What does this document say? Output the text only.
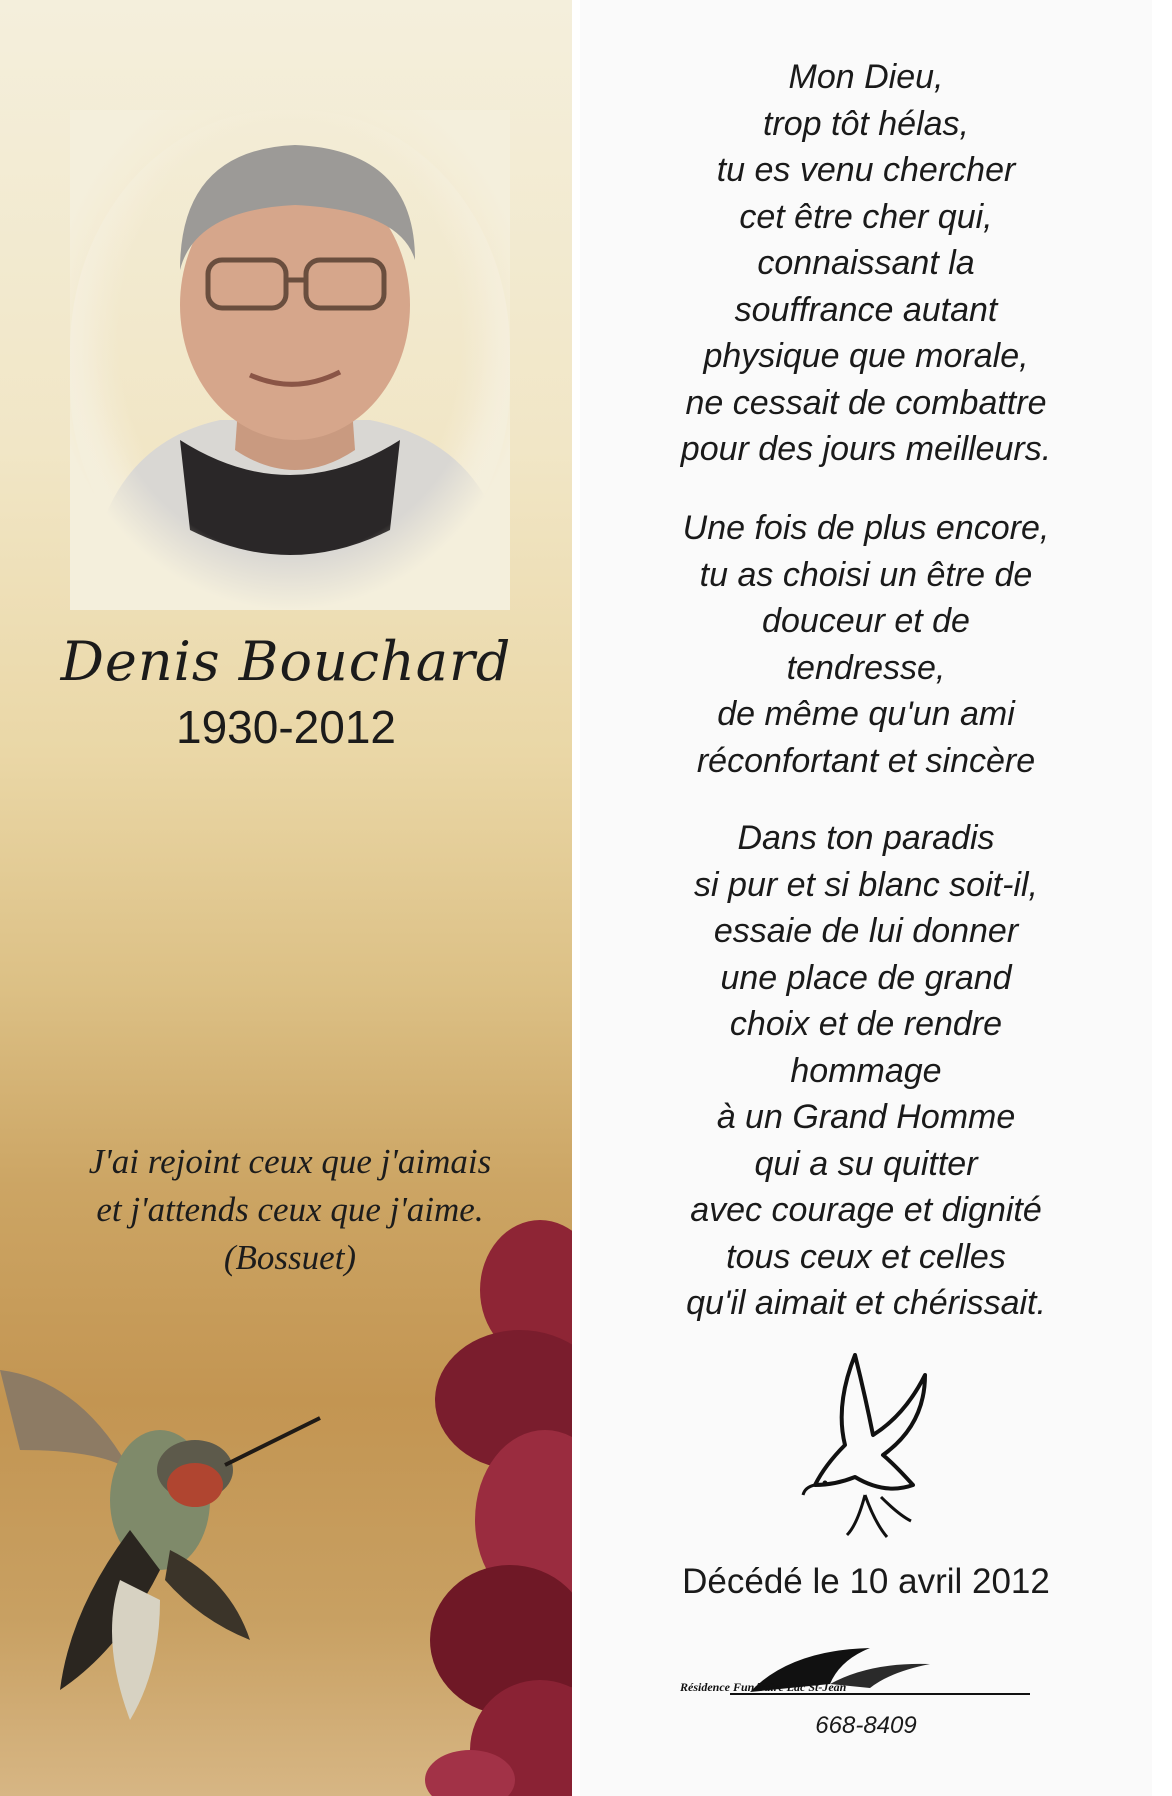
Denis Bouchard
1930-2012
J'ai rejoint ceux que j'aimais
et j'attends ceux que j'aime.
(Bossuet)
Mon Dieu,
trop tôt hélas,
tu es venu chercher
cet être cher qui,
connaissant la
souffrance autant
physique que morale,
ne cessait de combattre
pour des jours meilleurs.
Une fois de plus encore,
tu as choisi un être de
douceur et de
tendresse,
de même qu'un ami
réconfortant et sincère
Dans ton paradis
si pur et si blanc soit-il,
essaie de lui donner
une place de grand
choix et de rendre
hommage
à un Grand Homme
qui a su quitter
avec courage et dignité
tous ceux et celles
qu'il aimait et chérissait.
Décédé le 10 avril 2012
Résidence Funéraire Lac St-Jean
668-8409
